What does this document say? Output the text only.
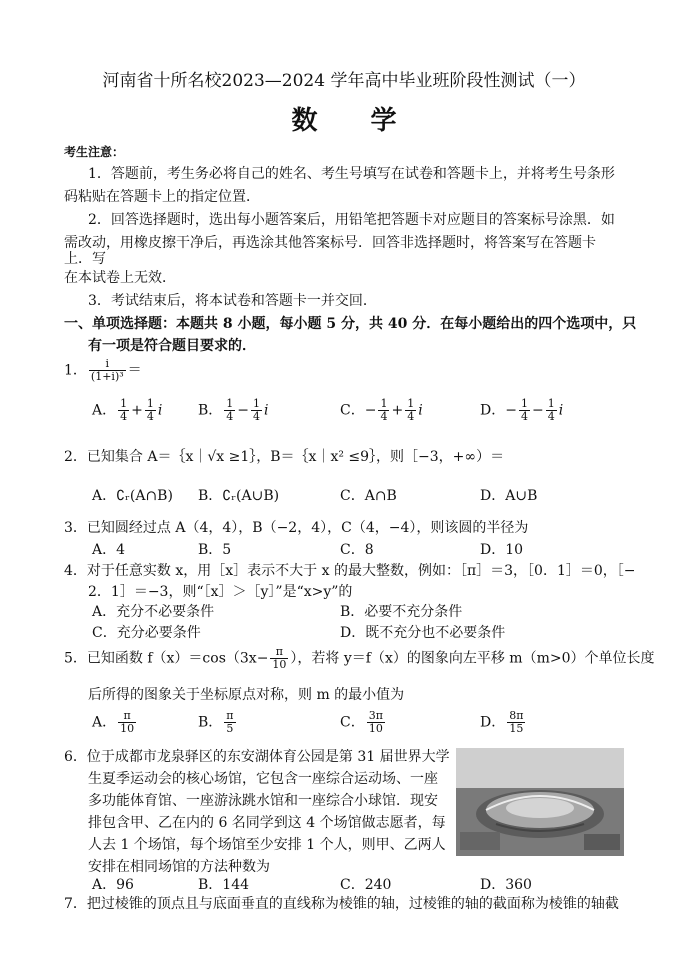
河南省十所名校2023—2024 学年高中毕业班阶段性测试（一）
数 学
考生注意：
1．答题前，考生务必将自己的姓名、考生号填写在试卷和答题卡上，并将考生号条形
码粘贴在答题卡上的指定位置．
2．回答选择题时，选出每小题答案后，用铅笔把答题卡对应题目的答案标号涂黑．如
需改动，用橡皮擦干净后，再选涂其他答案标号．回答非选择题时，将答案写在答题卡
上．写
在本试卷上无效．
3．考试结束后，将本试卷和答题卡一并交回．
一、单项选择题：本题共 8 小题，每小题 5 分，共 40 分．在每小题给出的四个选项中，只
有一项是符合题目要求的．
1． $\frac{i}{\text{(1+i)³}}$ ＝
A． $\frac{1}{4} + \frac{1}{4}$ i	B． $\frac{1}{4} - \frac{1}{4}$ i	C．− $\frac{1}{4} + \frac{1}{4}$ i	D．− $\frac{1}{4} - \frac{1}{4}$ i
2．已知集合 A＝｛x｜√x ≥1｝，B＝｛x｜x² ≤9｝，则［−3，+∞）＝
A．∁ᵣ(A∩B) B．∁ᵣ(A∪B)	C．A∩B	D．A∪B
3．已知圆经过点 A（4，4），B（−2，4），C（4，−4），则该圆的半径为
A．4	B．5	C．8	D．10
4．对于任意实数 x，用［x］表示不大于 x 的最大整数，例如：［π］＝3，［0．1］＝0，［−
2．1］＝−3，则“［x］＞［y］”是“x>y”的
A．充分不必要条件	B．必要不充分条件
C．充分必要条件	D．既不充分也不必要条件
5．已知函数 $f(x)=\cos(3x- \frac{\pi}{10}$ ），若将 y＝f（x）的图象向左平移 m（m>0）个单位长度
后所得的图象关于坐标原点对称，则 m 的最小值为
A． $\frac{\pi}{10}$	B． $\frac{\pi}{5}$	C． $\frac{3\pi}{10}$	D． $\frac{8\pi}{15}$
6．位于成都市龙泉驿区的东安湖体育公园是第 31 届世界大学
生夏季运动会的核心场馆，它包含一座综合运动场、一座
多功能体育馆、一座游泳跳水馆和一座综合小球馆．现安
排包含甲、乙在内的 6 名同学到这 4 个场馆做志愿者，每
人去 1 个场馆，每个场馆至少安排 1 个人，则甲、乙两人
安排在相同场馆的方法种数为
A．96	B．144	C．240	D．360
7．把过棱锥的顶点且与底面垂直的直线称为棱锥的轴，过棱锥的轴的截面称为棱锥的轴截
